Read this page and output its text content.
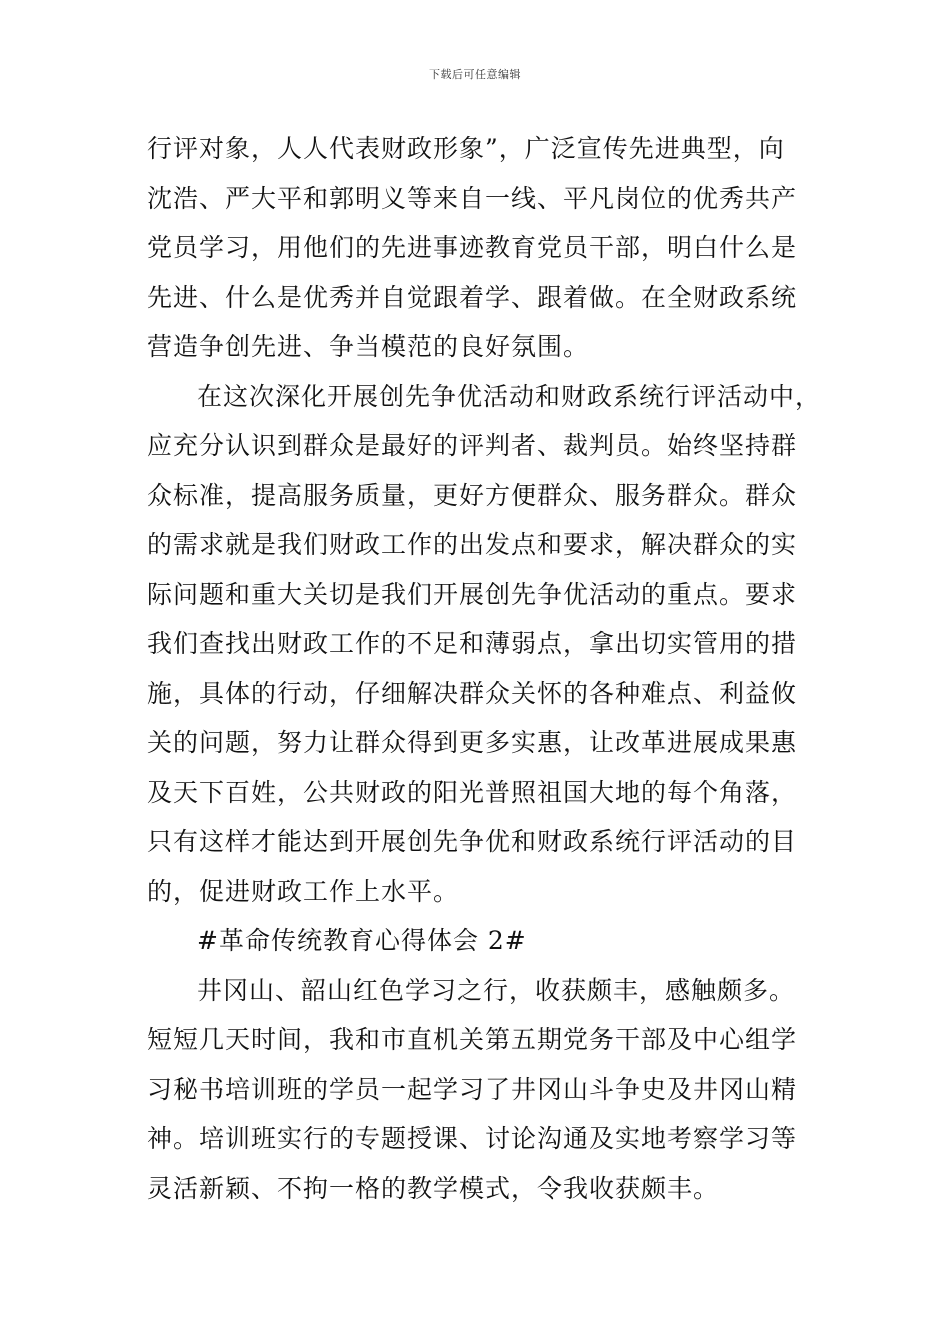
下载后可任意编辑
行评对象，人人代表财政形象”，广泛宣传先进典型，向
沈浩、严大平和郭明义等来自一线、平凡岗位的优秀共产
党员学习，用他们的先进事迹教育党员干部，明白什么是
先进、什么是优秀并自觉跟着学、跟着做。在全财政系统
营造争创先进、争当模范的良好氛围。
在这次深化开展创先争优活动和财政系统行评活动中，
应充分认识到群众是最好的评判者、裁判员。始终坚持群
众标准，提高服务质量，更好方便群众、服务群众。群众
的需求就是我们财政工作的出发点和要求，解决群众的实
际问题和重大关切是我们开展创先争优活动的重点。要求
我们查找出财政工作的不足和薄弱点，拿出切实管用的措
施，具体的行动，仔细解决群众关怀的各种难点、利益攸
关的问题，努力让群众得到更多实惠，让改革进展成果惠
及天下百姓，公共财政的阳光普照祖国大地的每个角落，
只有这样才能达到开展创先争优和财政系统行评活动的目
的，促进财政工作上水平。
#革命传统教育心得体会 2#
井冈山、韶山红色学习之行，收获颇丰，感触颇多。
短短几天时间，我和市直机关第五期党务干部及中心组学
习秘书培训班的学员一起学习了井冈山斗争史及井冈山精
神。培训班实行的专题授课、讨论沟通及实地考察学习等
灵活新颖、不拘一格的教学模式，令我收获颇丰。
